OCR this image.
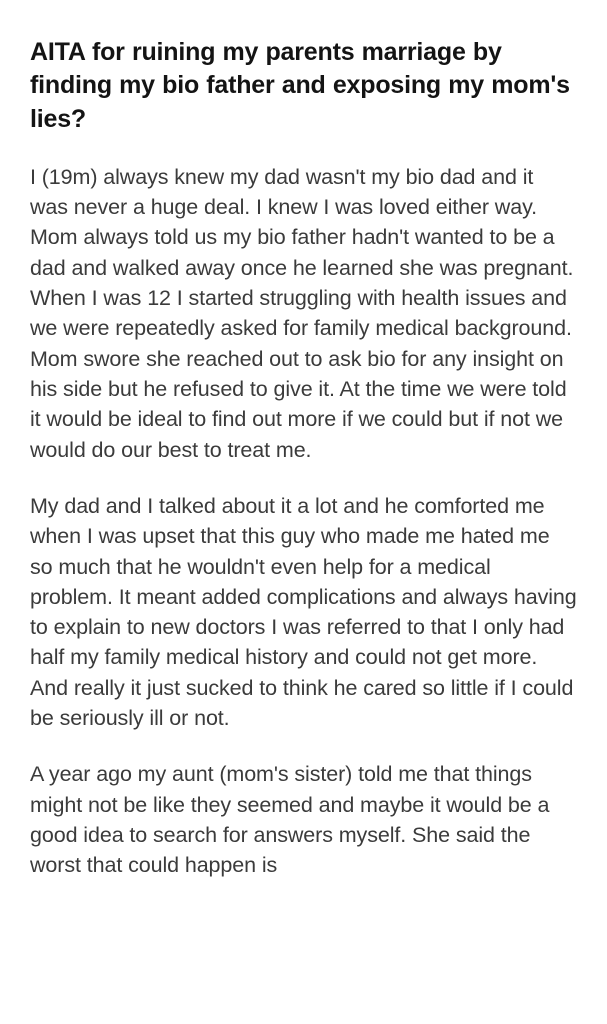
AITA for ruining my parents marriage by finding my bio father and exposing my mom's lies?

I (19m) always knew my dad wasn't my bio dad and it was never a huge deal. I knew I was loved either way. Mom always told us my bio father hadn't wanted to be a dad and walked away once he learned she was pregnant. When I was 12 I started struggling with health issues and we were repeatedly asked for family medical background. Mom swore she reached out to ask bio for any insight on his side but he refused to give it. At the time we were told it would be ideal to find out more if we could but if not we would do our best to treat me.

My dad and I talked about it a lot and he comforted me when I was upset that this guy who made me hated me so much that he wouldn't even help for a medical problem. It meant added complications and always having to explain to new doctors I was referred to that I only had half my family medical history and could not get more. And really it just sucked to think he cared so little if I could be seriously ill or not.

A year ago my aunt (mom's sister) told me that things might not be like they seemed and maybe it would be a good idea to search for answers myself. She said the worst that could happen is
